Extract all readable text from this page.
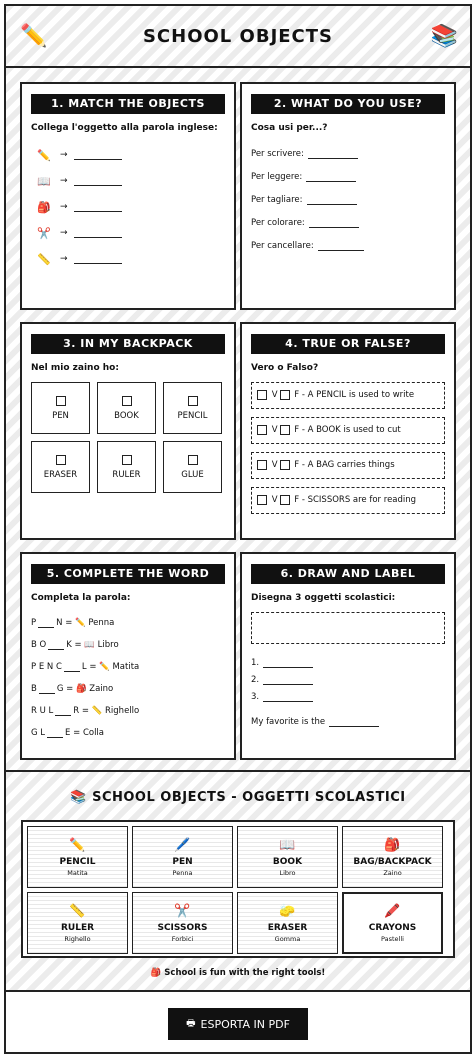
✏️	SCHOOL OBJECTS	📚
1. MATCH THE OBJECTS
Collega l'oggetto alla parola inglese:
✏️ →
📖 →
🎒 →
✂️ →
📏 →
2. WHAT DO YOU USE?
Cosa usi per...?
Per scrivere:
Per leggere:
Per tagliare:
Per colorare:
Per cancellare:
3. IN MY BACKPACK
Nel mio zaino ho:
PEN	BOOK	PENCIL
ERASER	RULER	GLUE
4. TRUE OR FALSE?
Vero o Falso?
V F - A PENCIL is used to write
V F - A BOOK is used to cut
V F - A BAG carries things
V F - SCISSORS are for reading
5. COMPLETE THE WORD
Completa la parola:
P N =
✏️
Penna
B O K =
📖
Libro
P E N C L =
✏️
Matita
B G =
🎒
Zaino
R U L R =
📏
Righello
G L E =
Colla
6. DRAW AND LABEL
Disegna 3 oggetti scolastici:
1.
2.
3.
My favorite is the
📚 SCHOOL OBJECTS - OGGETTI SCOLASTICI
✏️
PENCIL
Matita
🖊️
PEN
Penna
📖
BOOK
Libro
🎒
BAG/BACKPACK
Zaino
📏
RULER
Righello
✂️
SCISSORS
Forbici
🧽
ERASER
Gomma
🖍️
CRAYONS
Pastelli
🎒 School is fun with the right tools!
🖶 ESPORTA IN PDF
